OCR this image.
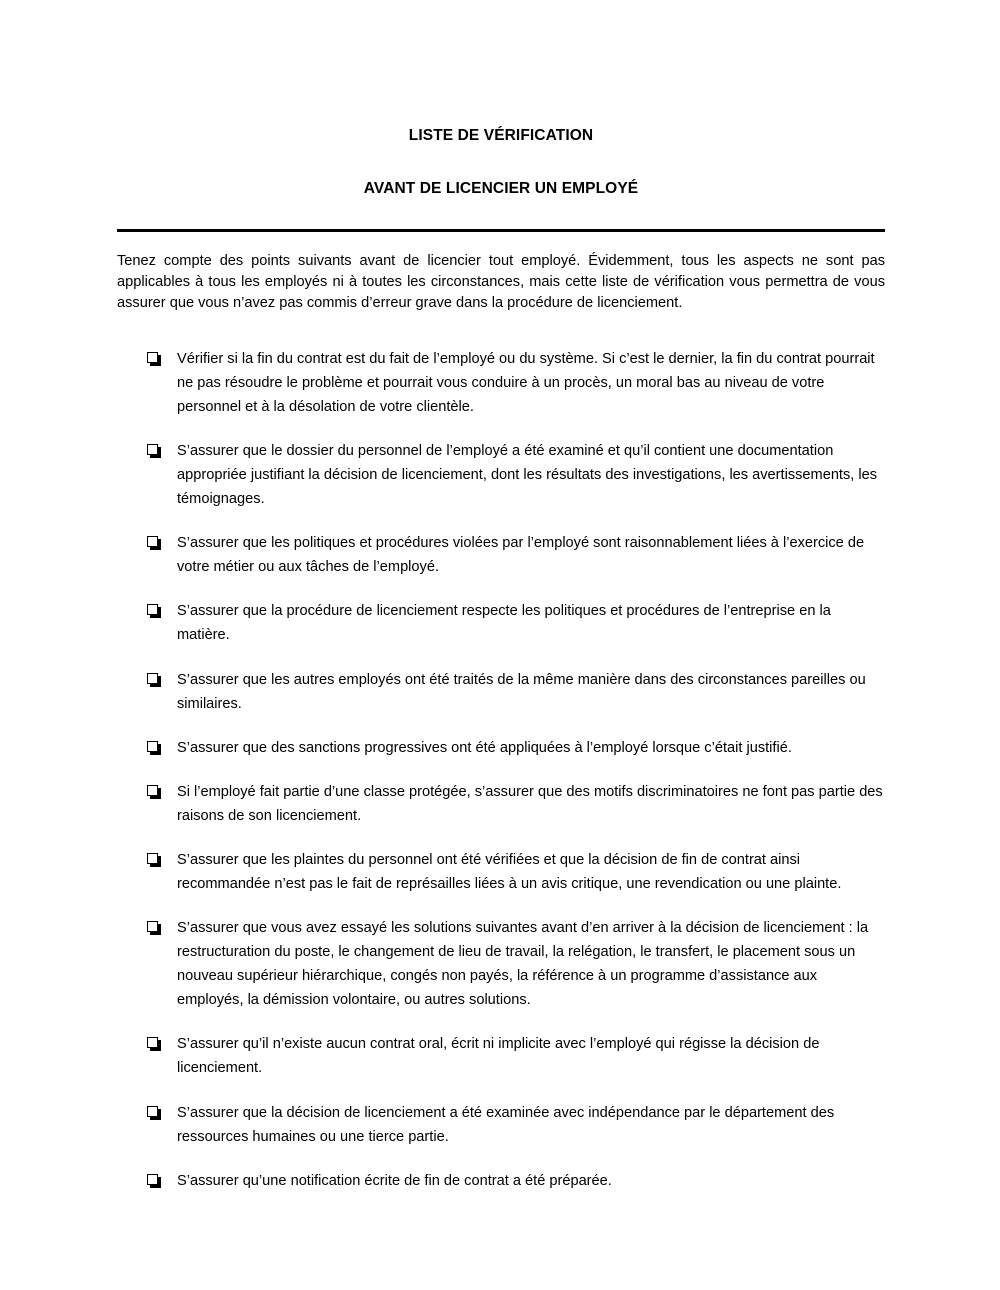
LISTE DE VÉRIFICATION
AVANT DE LICENCIER UN EMPLOYÉ

Tenez compte des points suivants avant de licencier tout employé. Évidemment, tous les aspects ne sont pas applicables à tous les employés ni à toutes les circonstances, mais cette liste de vérification vous permettra de vous assurer que vous n’avez pas commis d’erreur grave dans la procédure de licenciement.

Vérifier si la fin du contrat est du fait de l’employé ou du système. Si c’est le dernier, la fin du contrat pourrait ne pas résoudre le problème et pourrait vous conduire à un procès, un moral bas au niveau de votre personnel et à la désolation de votre clientèle.
S’assurer que le dossier du personnel de l’employé a été examiné et qu’il contient une documentation appropriée justifiant la décision de licenciement, dont les résultats des investigations, les avertissements, les témoignages.
S’assurer que les politiques et procédures violées par l’employé sont raisonnablement liées à l’exercice de votre métier ou aux tâches de l’employé.
S’assurer que la procédure de licenciement respecte les politiques et procédures de l’entreprise en la matière.
S’assurer que les autres employés ont été traités de la même manière dans des circonstances pareilles ou similaires.
S’assurer que des sanctions progressives ont été appliquées à l’employé lorsque c’était justifié.
Si l’employé fait partie d’une classe protégée, s’assurer que des motifs discriminatoires ne font pas partie des raisons de son licenciement.
S’assurer que les plaintes du personnel ont été vérifiées et que la décision de fin de contrat ainsi recommandée n’est pas le fait de représailles liées à un avis critique, une revendication ou une plainte.
S’assurer que vous avez essayé les solutions suivantes avant d’en arriver à la décision de licenciement : la restructuration du poste, le changement de lieu de travail, la relégation, le transfert, le placement sous un nouveau supérieur hiérarchique, congés non payés, la référence à un programme d’assistance aux employés, la démission volontaire, ou autres solutions.
S’assurer qu’il n’existe aucun contrat oral, écrit ni implicite avec l’employé qui régisse la décision de licenciement.
S’assurer que la décision de licenciement a été examinée avec indépendance par le département des ressources humaines ou une tierce partie.
S’assurer qu’une notification écrite de fin de contrat a été préparée.
